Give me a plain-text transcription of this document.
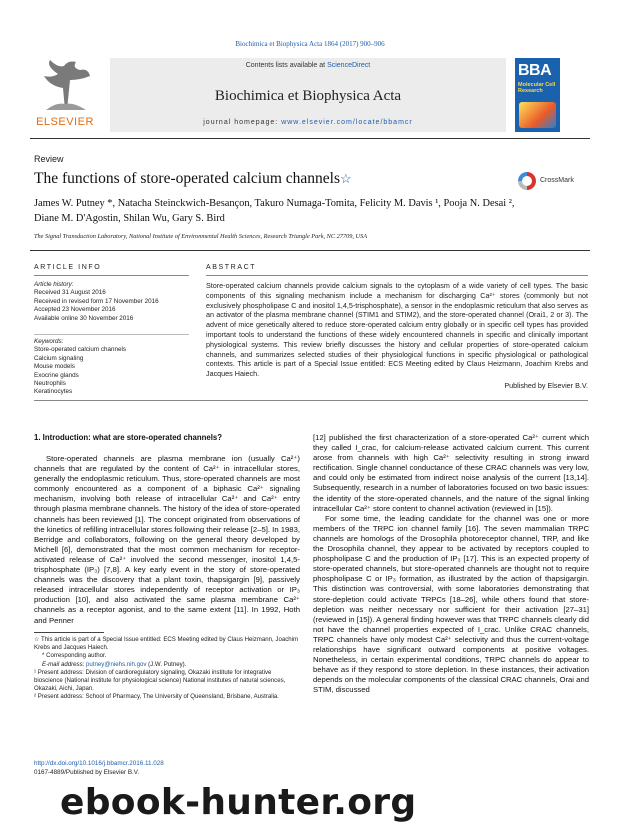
Biochimica et Biophysica Acta 1864 (2017) 900–906
ELSEVIER
Contents lists available at ScienceDirect
Biochimica et Biophysica Acta
journal homepage: www.elsevier.com/locate/bbamcr
BBA
Molecular Cell Research
Review
The functions of store-operated calcium channels☆	CrossMark
James W. Putney *, Natacha Steinckwich-Besançon, Takuro Numaga-Tomita, Felicity M. Davis ¹, Pooja N. Desai ²,
Diane M. D'Agostin, Shilan Wu, Gary S. Bird
The Signal Transduction Laboratory, National Institute of Environmental Health Sciences, Research Triangle Park, NC 27709, USA
ARTICLE INFO	ABSTRACT
Article history:
Received 31 August 2016
Received in revised form 17 November 2016
Accepted 23 November 2016
Available online 30 November 2016
Keywords:
Store-operated calcium channels
Calcium signaling
Mouse models
Exocrine glands
Neutrophils
Keratinocytes
Store-operated calcium channels provide calcium signals to the cytoplasm of a wide variety of cell types. The basic components of this signaling mechanism include a mechanism for discharging Ca²⁺ stores (commonly but not exclusively phospholipase C and inositol 1,4,5-trisphosphate), a sensor in the endoplasmic reticulum that also serves as an activator of the plasma membrane channel (STIM1 and STIM2), and the store-operated channel (Orai1, 2 or 3). The advent of mice genetically altered to reduce store-operated calcium entry globally or in specific cell types has provided important tools to understand the functions of these widely encountered channels in specific and clinically important physiological systems. This review briefly discusses the history and cellular properties of store-operated calcium channels, and summarizes selected studies of their physiological functions in specific physiological or pathological contexts. This article is part of a Special Issue entitled: ECS Meeting edited by Claus Heizmann, Joachim Krebs and Jacques Haiech.
Published by Elsevier B.V.
1. Introduction: what are store-operated channels?

Store-operated channels are plasma membrane ion (usually Ca²⁺) channels that are regulated by the content of Ca²⁺ in intracellular stores, generally the endoplasmic reticulum. Thus, store-operated channels are most commonly encountered as a component of a biphasic Ca²⁺ signaling mechanism, involving both release of intracellular Ca²⁺ and Ca²⁺ entry through plasma membrane channels. The history of the idea of store-operated channels has been reviewed [1]. The concept originated from observations of the kinetics of refilling intracellular stores following their release [2–5]. In 1983, Berridge and collaborators, following on the general theory developed by Michell [6], demonstrated that the most common mechanism for receptor-activated release of Ca²⁺ involved the second messenger, inositol 1,4,5-trisphosphate (IP₃) [7,8]. A key early event in the story of store-operated channels was the discovery that a plant toxin, thapsigargin [9], passively released intracellular stores independently of receptor activation or IP₃ production [10], and also activated the same plasma membrane Ca²⁺ channels as a receptor agonist, and to the same extent [11]. In 1992, Hoth and Penner

[12] published the first characterization of a store-operated Ca²⁺ current which they called I_crac, for calcium-release activated calcium current. This current arose from channels with high Ca²⁺ selectivity resulting in strong inward rectification. Single channel conductance of these CRAC channels was very low, and could only be estimated from indirect noise analysis of the current [13,14]. Subsequently, research in a number of laboratories focused on two basic issues: the identity of the store-operated channels, and the nature of the signal linking intracellular Ca²⁺ store content to channel activation (reviewed in [15]).

For some time, the leading candidate for the channel was one or more members of the TRPC ion channel family [16]. The seven mammalian TRPC channels are homologs of the Drosophila photoreceptor channel, TRP, and like the Drosophila channel, they appear to be activated by receptors coupled to phospholipase C and the production of IP₃ [17]. This is an expected property of store-operated channels, but store-operated channels are thought not to require phospholipase C or IP₃ formation, as illustrated by the action of thapsigargin. This distinction was controversial, with some laboratories demonstrating that store-depletion could activate TRPCs [18–26], while others found that store-depletion was neither necessary nor sufficient for their activation [27–31] (reviewed in [15]). A general finding however was that TRPC channels clearly did not have the channel properties expected of I_crac. Unlike CRAC channels, TRPC channels have only modest Ca²⁺ selectivity and thus the current-voltage relationships have significant outward components at positive voltages. Nonetheless, in certain experimental conditions, TRPC channels do appear to behave as if they respond to store depletion. In these instances, their activation depends on the molecular components of the classical CRAC channels, Orai and STIM, discussed

☆ This article is part of a Special Issue entitled: ECS Meeting edited by Claus Heizmann, Joachim Krebs and Jacques Haiech.
* Corresponding author.
E-mail address: putney@niehs.nih.gov (J.W. Putney).
¹ Present address: Division of cardioregulatory signaling, Okazaki institute for integrative bioscience (National institute for physiological science) National institutes of natural sciences, Okazaki, Aichi, Japan.
² Present address: School of Pharmacy, The University of Queensland, Brisbane, Australia.
http://dx.doi.org/10.1016/j.bbamcr.2016.11.028
0167-4889/Published by Elsevier B.V.
ebook-hunter.org
